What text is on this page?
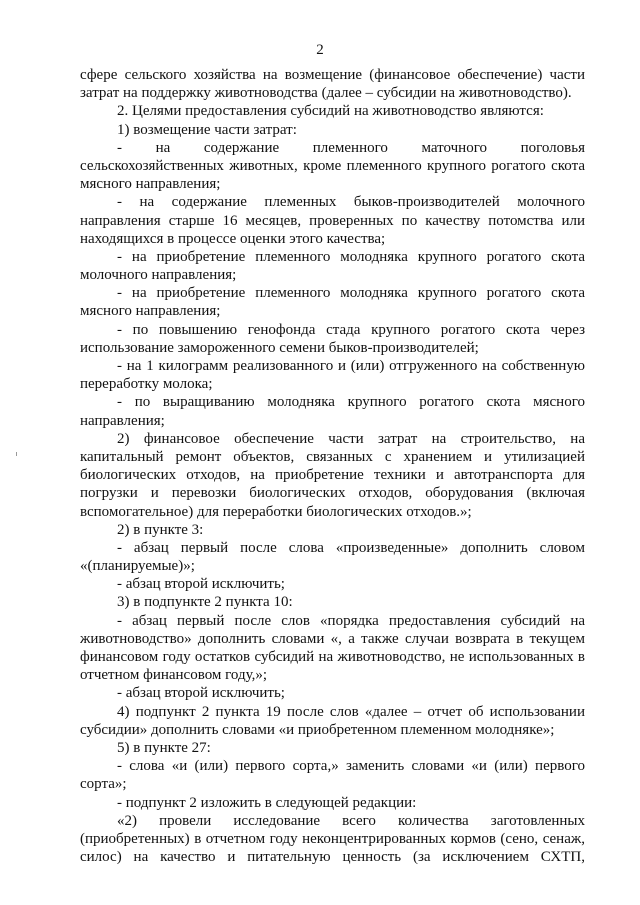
2
сфере сельского хозяйства на возмещение (финансовое обеспечение) части
затрат на поддержку животноводства (далее – субсидии на животноводство).
2. Целями предоставления субсидий на животноводство являются:
1) возмещение части затрат:
- на содержание племенного маточного поголовья
сельскохозяйственных животных, кроме племенного крупного рогатого скота
мясного направления;
- на содержание племенных быков-производителей молочного
направления старше 16 месяцев, проверенных по качеству потомства или
находящихся в процессе оценки этого качества;
- на приобретение племенного молодняка крупного рогатого скота
молочного направления;
- на приобретение племенного молодняка крупного рогатого скота
мясного направления;
- по повышению генофонда стада крупного рогатого скота через
использование замороженного семени быков-производителей;
- на 1 килограмм реализованного и (или) отгруженного на собственную
переработку молока;
- по выращиванию молодняка крупного рогатого скота мясного
направления;
2) финансовое обеспечение части затрат на строительство, на
капитальный ремонт объектов, связанных с хранением и утилизацией
биологических отходов, на приобретение техники и автотранспорта для
погрузки и перевозки биологических отходов, оборудования (включая
вспомогательное) для переработки биологических отходов.»;
2) в пункте 3:
- абзац первый после слова «произведенные» дополнить словом
«(планируемые)»;
- абзац второй исключить;
3) в подпункте 2 пункта 10:
- абзац первый после слов «порядка предоставления субсидий на
животноводство» дополнить словами «, а также случаи возврата в текущем
финансовом году остатков субсидий на животноводство, не использованных в
отчетном финансовом году,»;
- абзац второй исключить;
4) подпункт 2 пункта 19 после слов «далее – отчет об использовании
субсидии» дополнить словами «и приобретенном племенном молодняке»;
5) в пункте 27:
- слова «и (или) первого сорта,» заменить словами «и (или) первого
сорта»;
- подпункт 2 изложить в следующей редакции:
«2) провели исследование всего количества заготовленных
(приобретенных) в отчетном году неконцентрированных кормов (сено, сенаж,
силос) на качество и питательную ценность (за исключением СХТП,
